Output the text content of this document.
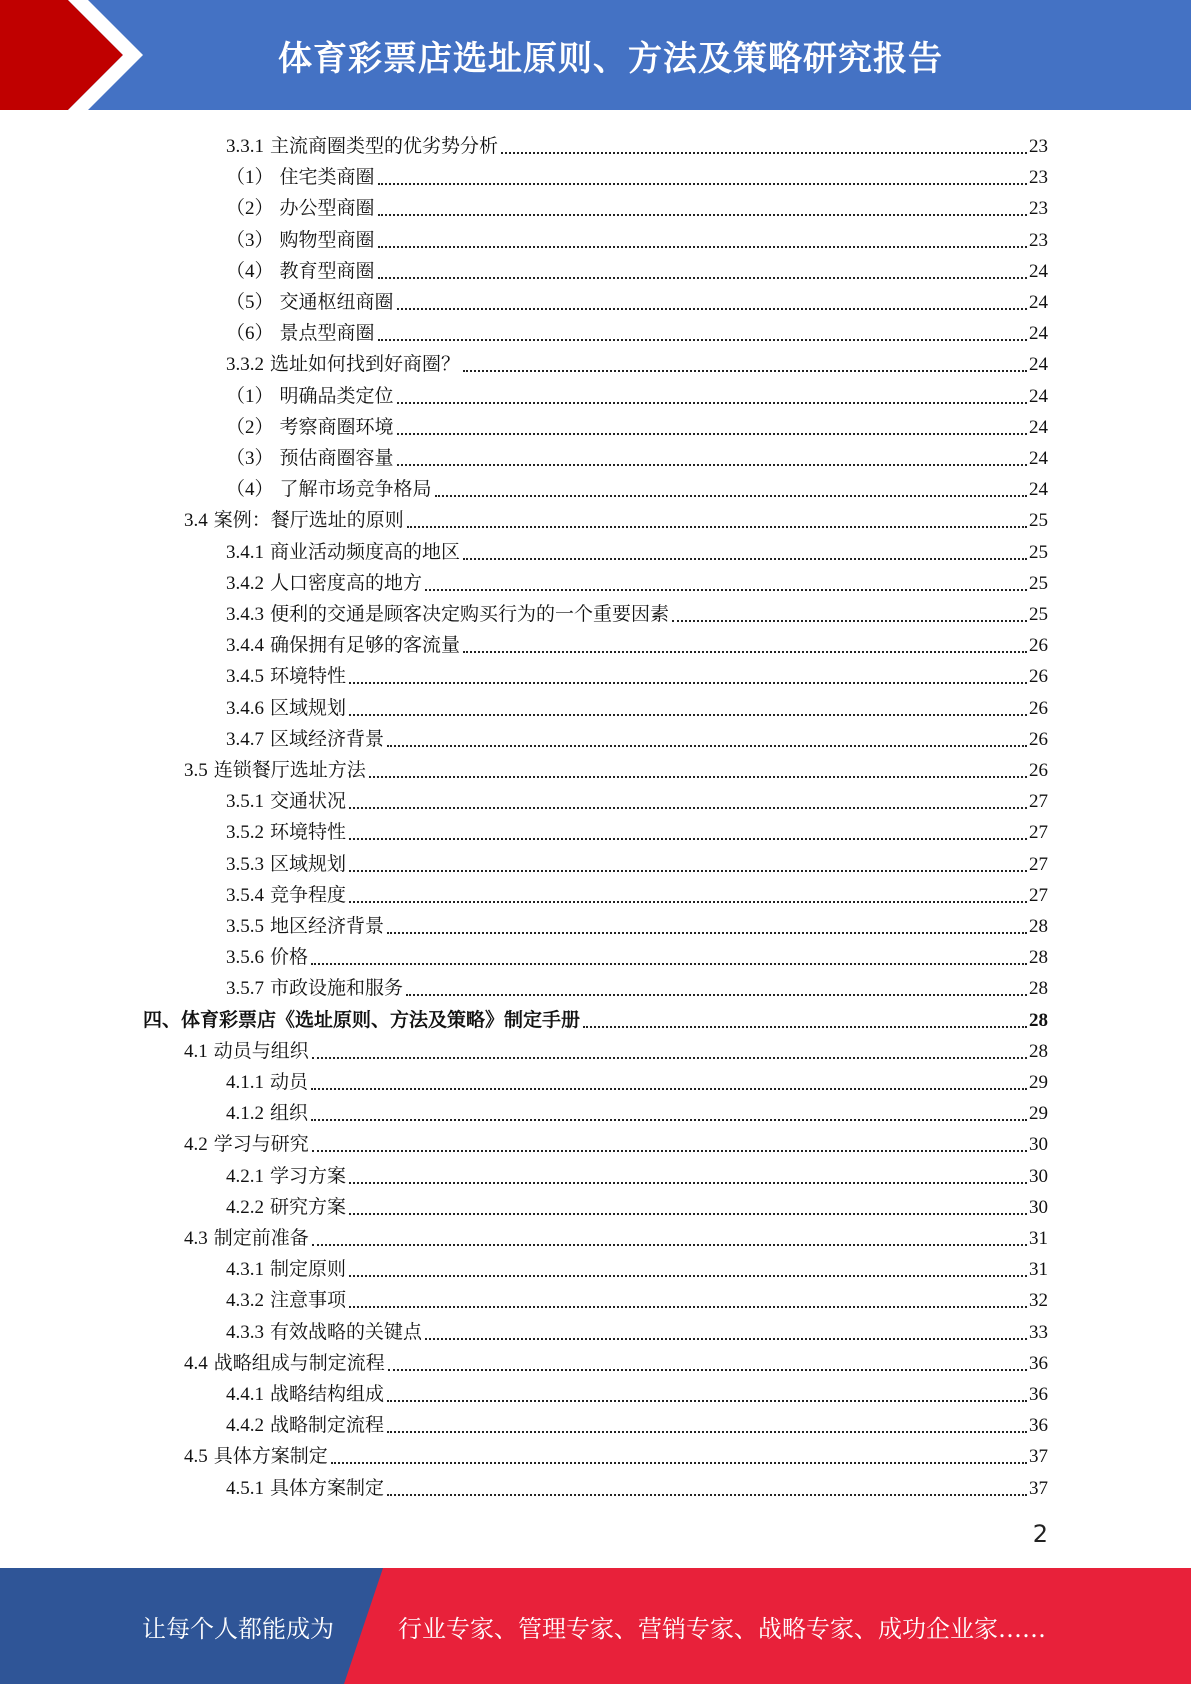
体育彩票店选址原则、方法及策略研究报告
3.3.1 主流商圈类型的优劣势分析	23
（1） 住宅类商圈	23
（2） 办公型商圈	23
（3） 购物型商圈	23
（4） 教育型商圈	24
（5） 交通枢纽商圈	24
（6） 景点型商圈	24
3.3.2 选址如何找到好商圈？	24
（1） 明确品类定位	24
（2） 考察商圈环境	24
（3） 预估商圈容量	24
（4） 了解市场竞争格局	24
3.4 案例：餐厅选址的原则	25
3.4.1 商业活动频度高的地区	25
3.4.2 人口密度高的地方	25
3.4.3 便利的交通是顾客决定购买行为的一个重要因素	25
3.4.4 确保拥有足够的客流量	26
3.4.5 环境特性	26
3.4.6 区域规划	26
3.4.7 区域经济背景	26
3.5 连锁餐厅选址方法	26
3.5.1 交通状况	27
3.5.2 环境特性	27
3.5.3 区域规划	27
3.5.4 竞争程度	27
3.5.5 地区经济背景	28
3.5.6 价格	28
3.5.7 市政设施和服务	28
四、体育彩票店《选址原则、方法及策略》制定手册	28
4.1 动员与组织	28
4.1.1 动员	29
4.1.2 组织	29
4.2 学习与研究	30
4.2.1 学习方案	30
4.2.2 研究方案	30
4.3 制定前准备	31
4.3.1 制定原则	31
4.3.2 注意事项	32
4.3.3 有效战略的关键点	33
4.4 战略组成与制定流程	36
4.4.1 战略结构组成	36
4.4.2 战略制定流程	36
4.5 具体方案制定	37
4.5.1 具体方案制定	37
2
让每个人都能成为	行业专家、管理专家、营销专家、战略专家、成功企业家……
